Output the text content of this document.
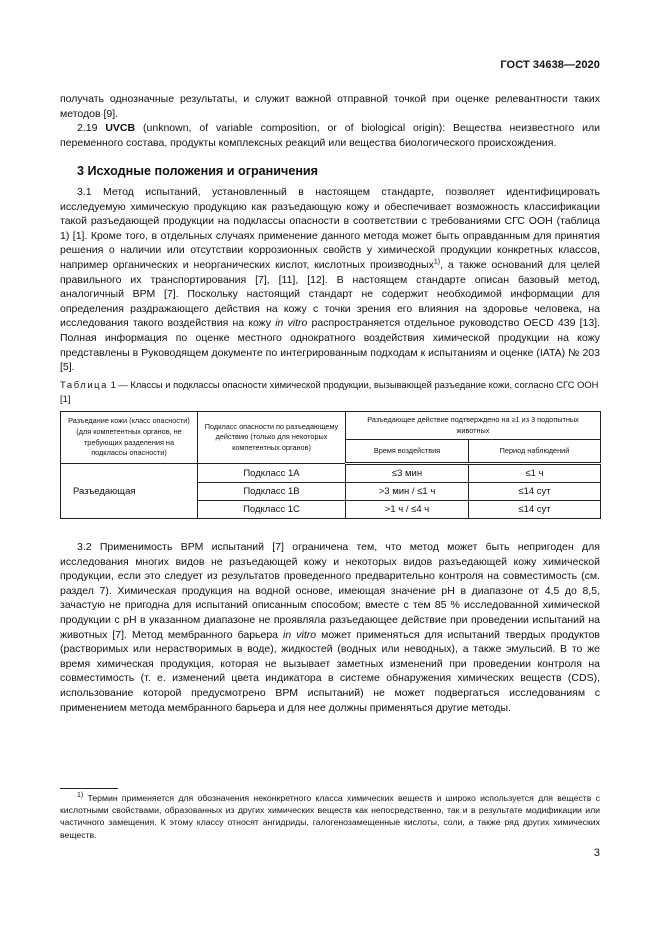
ГОСТ 34638—2020
получать однозначные результаты, и служит важной отправной точкой при оценке релевантности таких методов [9].
2.19 UVCB (unknown, of variable composition, or of biological origin): Вещества неизвестного или переменного состава, продукты комплексных реакций или вещества биологического происхождения.
3 Исходные положения и ограничения
3.1 Метод испытаний, установленный в настоящем стандарте, позволяет идентифицировать исследуемую химическую продукцию как разъедающую кожу и обеспечивает возможность классификации такой разъедающей продукции на подклассы опасности в соответствии с требованиями СГС ООН (таблица 1) [1]. Кроме того, в отдельных случаях применение данного метода может быть оправданным для принятия решения о наличии или отсутствии коррозионных свойств у химической продукции конкретных классов, например органических и неорганических кислот, кислотных производных$^{1)}$, а также оснований для целей правильного их транспортирования [7], [11], [12]. В настоящем стандарте описан базовый метод, аналогичный ВРМ [7]. Поскольку настоящий стандарт не содержит необходимой информации для определения раздражающего действия на кожу с точки зрения его влияния на здоровье человека, на исследования такого воздействия на кожу in vitro распространяется отдельное руководство OECD 439 [13]. Полная информация по оценке местного однократного воздействия химической продукции на кожу представлены в Руководящем документе по интегрированным подходам к испытаниям и оценке (IATA) № 203 [5].
Таблица 1 — Классы и подклассы опасности химической продукции, вызывающей разъедание кожи, согласно СГС ООН [1]
Разъедание кожи (класс опасности) (для компетентных органов, не требующих разделения на подклассы опасности)	Подкласс опасности по разъедающему действию (только для некоторых компетентных органов)	Разъедающее действие подтверждено на ≥1 из 3 подопытных животных	
		Время воздействия	Период наблюдений
Разъедающая	Подкласс 1A	≤3 мин	≤1 ч
	Подкласс 1B	>3 мин / ≤1 ч	≤14 сут
	Подкласс 1C	>1 ч / ≤4 ч	≤14 сут
3.2 Применимость ВРМ испытаний [7] ограничена тем, что метод может быть непригоден для исследования многих видов не разъедающей кожу и некоторых видов разъедающей кожу химической продукции, если это следует из результатов проведенного предварительно контроля на совместимость (см. раздел 7). Химическая продукция на водной основе, имеющая значение pH в диапазоне от 4,5 до 8,5, зачастую не пригодна для испытаний описанным способом; вместе с тем 85 % исследованной химической продукции с pH в указанном диапазоне не проявляла разъедающее действие при проведении испытаний на животных [7]. Метод мембранного барьера in vitro может применяться для испытаний твердых продуктов (растворимых или нерастворимых в воде), жидкостей (водных или неводных), а также эмульсий. В то же время химическая продукция, которая не вызывает заметных изменений при проведении контроля на совместимость (т. е. изменений цвета индикатора в системе обнаружения химических веществ (CDS), использование которой предусмотрено ВРМ испытаний) не может подвергаться исследованиям с применением метода мембранного барьера и для нее должны применяться другие методы.
$^{1)}$ Термин применяется для обозначения неконкретного класса химических веществ и широко используется для веществ с кислотными свойствами, образованных из других химических веществ как непосредственно, так и в результате модификации или частичного замещения. К этому классу относят ангидриды, галогенозамещенные кислоты, соли, а также ряд других химических веществ.
3
